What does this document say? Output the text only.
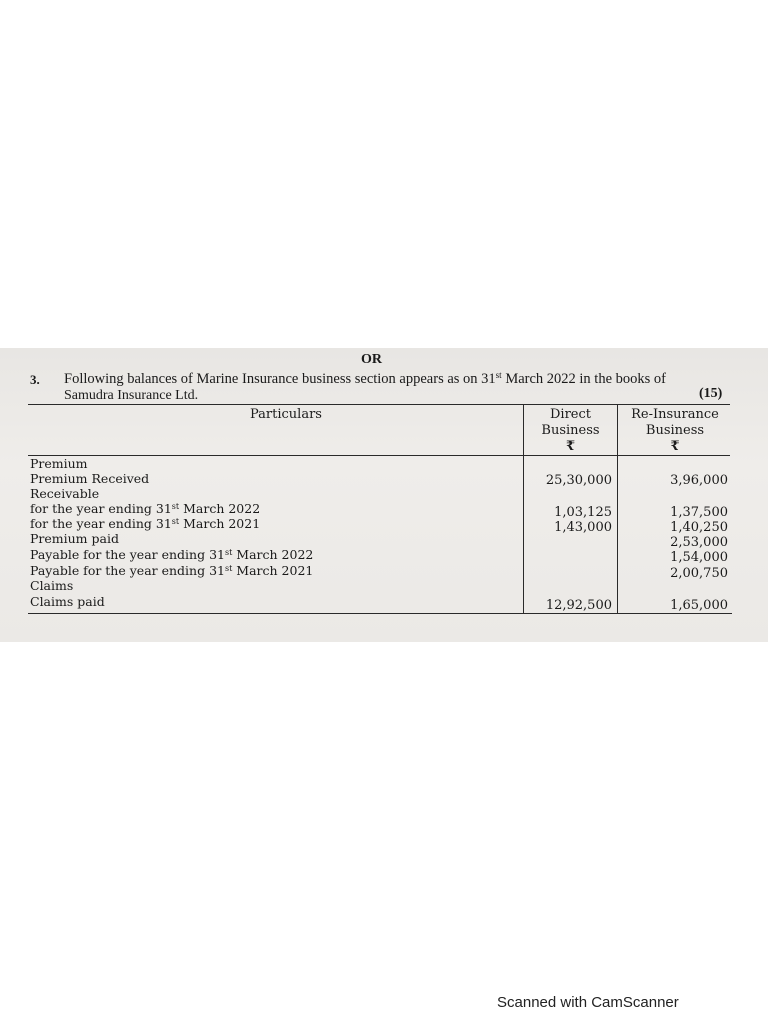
OR
3. Following balances of Marine Insurance business section appears as on 31st March 2022 in the books of
Samudra Insurance Ltd.	(15)
Particulars	Direct
Business
₹
Re-Insurance
Business
₹
Premium
Premium Received
Receivable
for the year ending 31st March 2022
for the year ending 31st March 2021
Premium paid
Payable for the year ending 31st March 2022
Payable for the year ending 31st March 2021
Claims
Claims paid
25,30,000
1,03,125
1,43,000
12,92,500
3,96,000
1,37,500
1,40,250
2,53,000
1,54,000
2,00,750
1,65,000
Scanned with CamScanner
